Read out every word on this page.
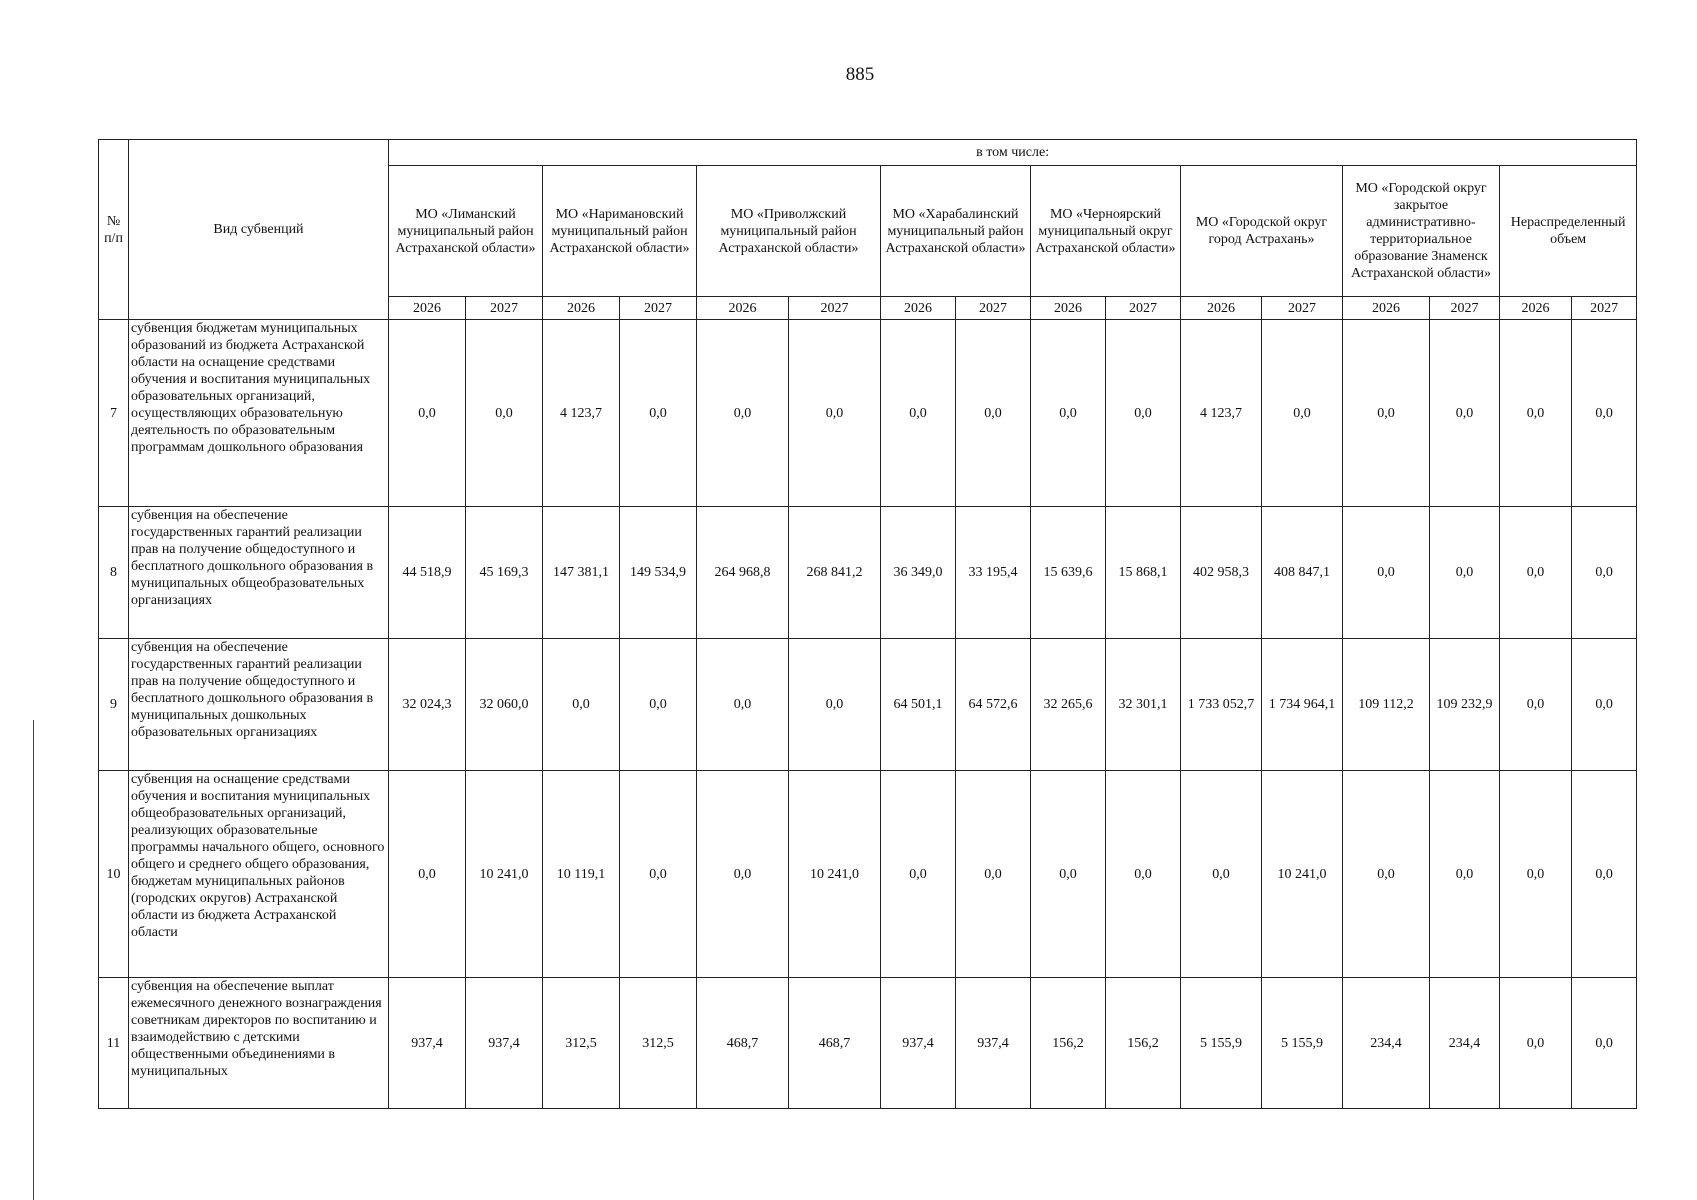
885
№ п/п	Вид субвенций	в том числе:															
		МО «Лиманский муниципальный район Астраханской области»		МО «Наримановский муниципальный район Астраханской области»		МО «Приволжский муниципальный район Астраханской области»		МО «Харабалинский муниципальный район Астраханской области»		МО «Черноярский муниципальный округ Астраханской области»		МО «Городской округ город Астрахань»		МО «Городской округ закрытое административно-территориальное образование Знаменск Астраханской области»		Нераспределенный объем	
		2026	2027	2026	2027	2026	2027	2026	2027	2026	2027	2026	2027	2026	2027	2026	2027
7	субвенция бюджетам муниципальных образований из бюджета Астраханской области на оснащение средствами обучения и воспитания муниципальных образовательных организаций, осуществляющих образовательную деятельность по образовательным программам дошкольного образования	0,0	0,0	4 123,7	0,0	0,0	0,0	0,0	0,0	0,0	0,0	4 123,7	0,0	0,0	0,0	0,0	0,0
8	субвенция на обеспечение государственных гарантий реализации прав на получение общедоступного и бесплатного дошкольного образования в муниципальных общеобразовательных организациях	44 518,9	45 169,3	147 381,1	149 534,9	264 968,8	268 841,2	36 349,0	33 195,4	15 639,6	15 868,1	402 958,3	408 847,1	0,0	0,0	0,0	0,0
9	субвенция на обеспечение государственных гарантий реализации прав на получение общедоступного и бесплатного дошкольного образования в муниципальных дошкольных образовательных организациях	32 024,3	32 060,0	0,0	0,0	0,0	0,0	64 501,1	64 572,6	32 265,6	32 301,1	1 733 052,7	1 734 964,1	109 112,2	109 232,9	0,0	0,0
10	субвенция на оснащение средствами обучения и воспитания муниципальных общеобразовательных организаций, реализующих образовательные программы начального общего, основного общего и среднего общего образования, бюджетам муниципальных районов (городских округов) Астраханской области из бюджета Астраханской области	0,0	10 241,0	10 119,1	0,0	0,0	10 241,0	0,0	0,0	0,0	0,0	0,0	10 241,0	0,0	0,0	0,0	0,0
11	субвенция на обеспечение выплат ежемесячного денежного вознаграждения советникам директоров по воспитанию и взаимодействию с детскими общественными объединениями в муниципальных	937,4	937,4	312,5	312,5	468,7	468,7	937,4	937,4	156,2	156,2	5 155,9	5 155,9	234,4	234,4	0,0	0,0
